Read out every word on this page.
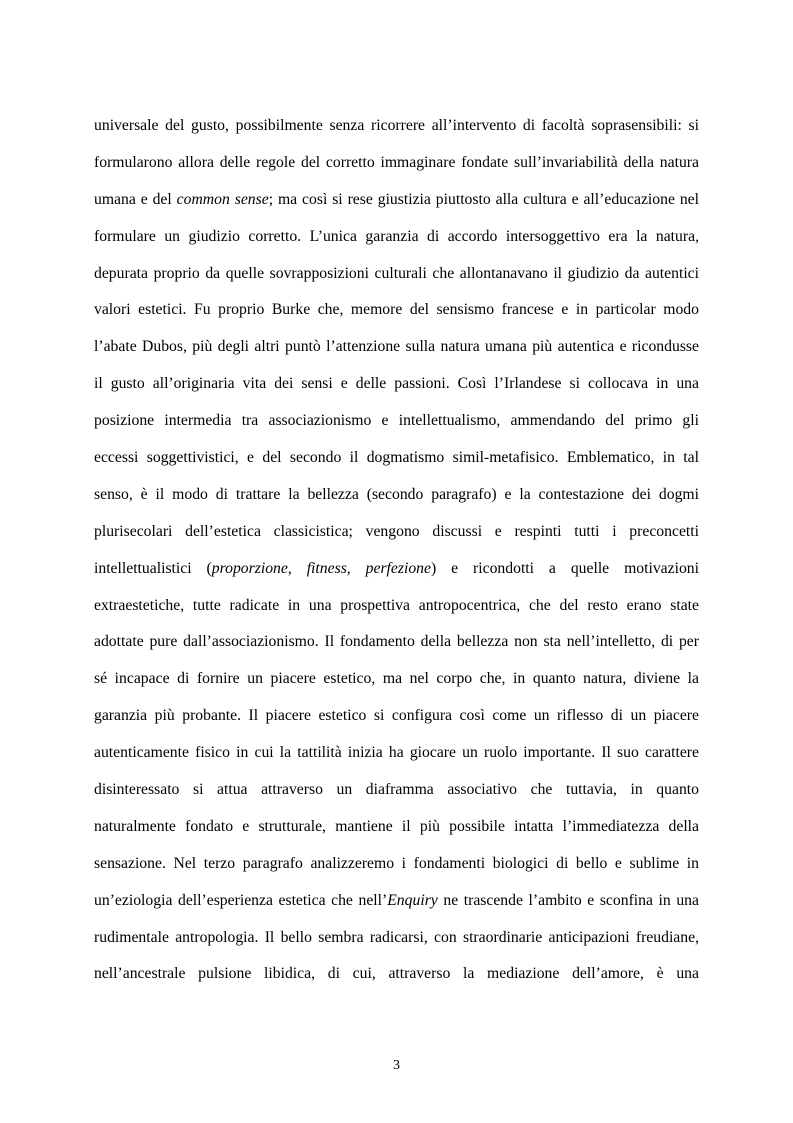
universale del gusto, possibilmente senza ricorrere all’intervento di facoltà soprasensibili: si
formularono allora delle regole del corretto immaginare fondate sull’invariabilità della natura
umana e del common sense; ma così si rese giustizia piuttosto alla cultura e all’educazione nel
formulare un giudizio corretto. L’unica garanzia di accordo intersoggettivo era la natura,
depurata proprio da quelle sovrapposizioni culturali che allontanavano il giudizio da autentici
valori estetici. Fu proprio Burke che, memore del sensismo francese e in particolar modo
l’abate Dubos, più degli altri puntò l’attenzione sulla natura umana più autentica e ricondusse
il gusto all’originaria vita dei sensi e delle passioni. Così l’Irlandese si collocava in una
posizione intermedia tra associazionismo e intellettualismo, ammendando del primo gli
eccessi soggettivistici, e del secondo il dogmatismo simil-metafisico. Emblematico, in tal
senso, è il modo di trattare la bellezza (secondo paragrafo) e la contestazione dei dogmi
plurisecolari dell’estetica classicistica; vengono discussi e respinti tutti i preconcetti
intellettualistici (proporzione, fitness, perfezione) e ricondotti a quelle motivazioni
extraestetiche, tutte radicate in una prospettiva antropocentrica, che del resto erano state
adottate pure dall’associazionismo. Il fondamento della bellezza non sta nell’intelletto, di per
sé incapace di fornire un piacere estetico, ma nel corpo che, in quanto natura, diviene la
garanzia più probante. Il piacere estetico si configura così come un riflesso di un piacere
autenticamente fisico in cui la tattilità inizia ha giocare un ruolo importante. Il suo carattere
disinteressato si attua attraverso un diaframma associativo che tuttavia, in quanto
naturalmente fondato e strutturale, mantiene il più possibile intatta l’immediatezza della
sensazione. Nel terzo paragrafo analizzeremo i fondamenti biologici di bello e sublime in
un’eziologia dell’esperienza estetica che nell’Enquiry ne trascende l’ambito e sconfina in una
rudimentale antropologia. Il bello sembra radicarsi, con straordinarie anticipazioni freudiane,
nell’ancestrale pulsione libidica, di cui, attraverso la mediazione dell’amore, è una
3
